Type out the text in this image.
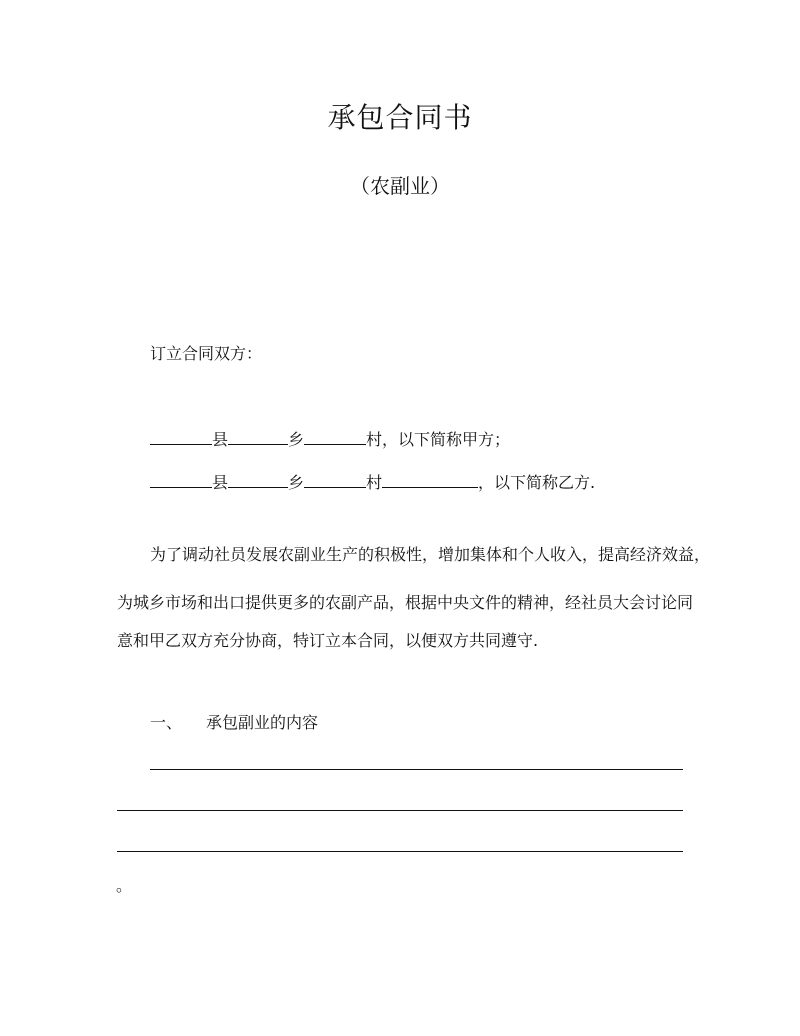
承包合同书
（农副业）
订立合同双方：
县	乡	村，以下简称甲方；
县	乡	村	，以下简称乙方.
为了调动社员发展农副业生产的积极性，增加集体和个人收入，提高经济效益，
为城乡市场和出口提供更多的农副产品，根据中央文件的精神，经社员大会讨论同
意和甲乙双方充分协商，特订立本合同，以便双方共同遵守.
一、 承包副业的内容
。
